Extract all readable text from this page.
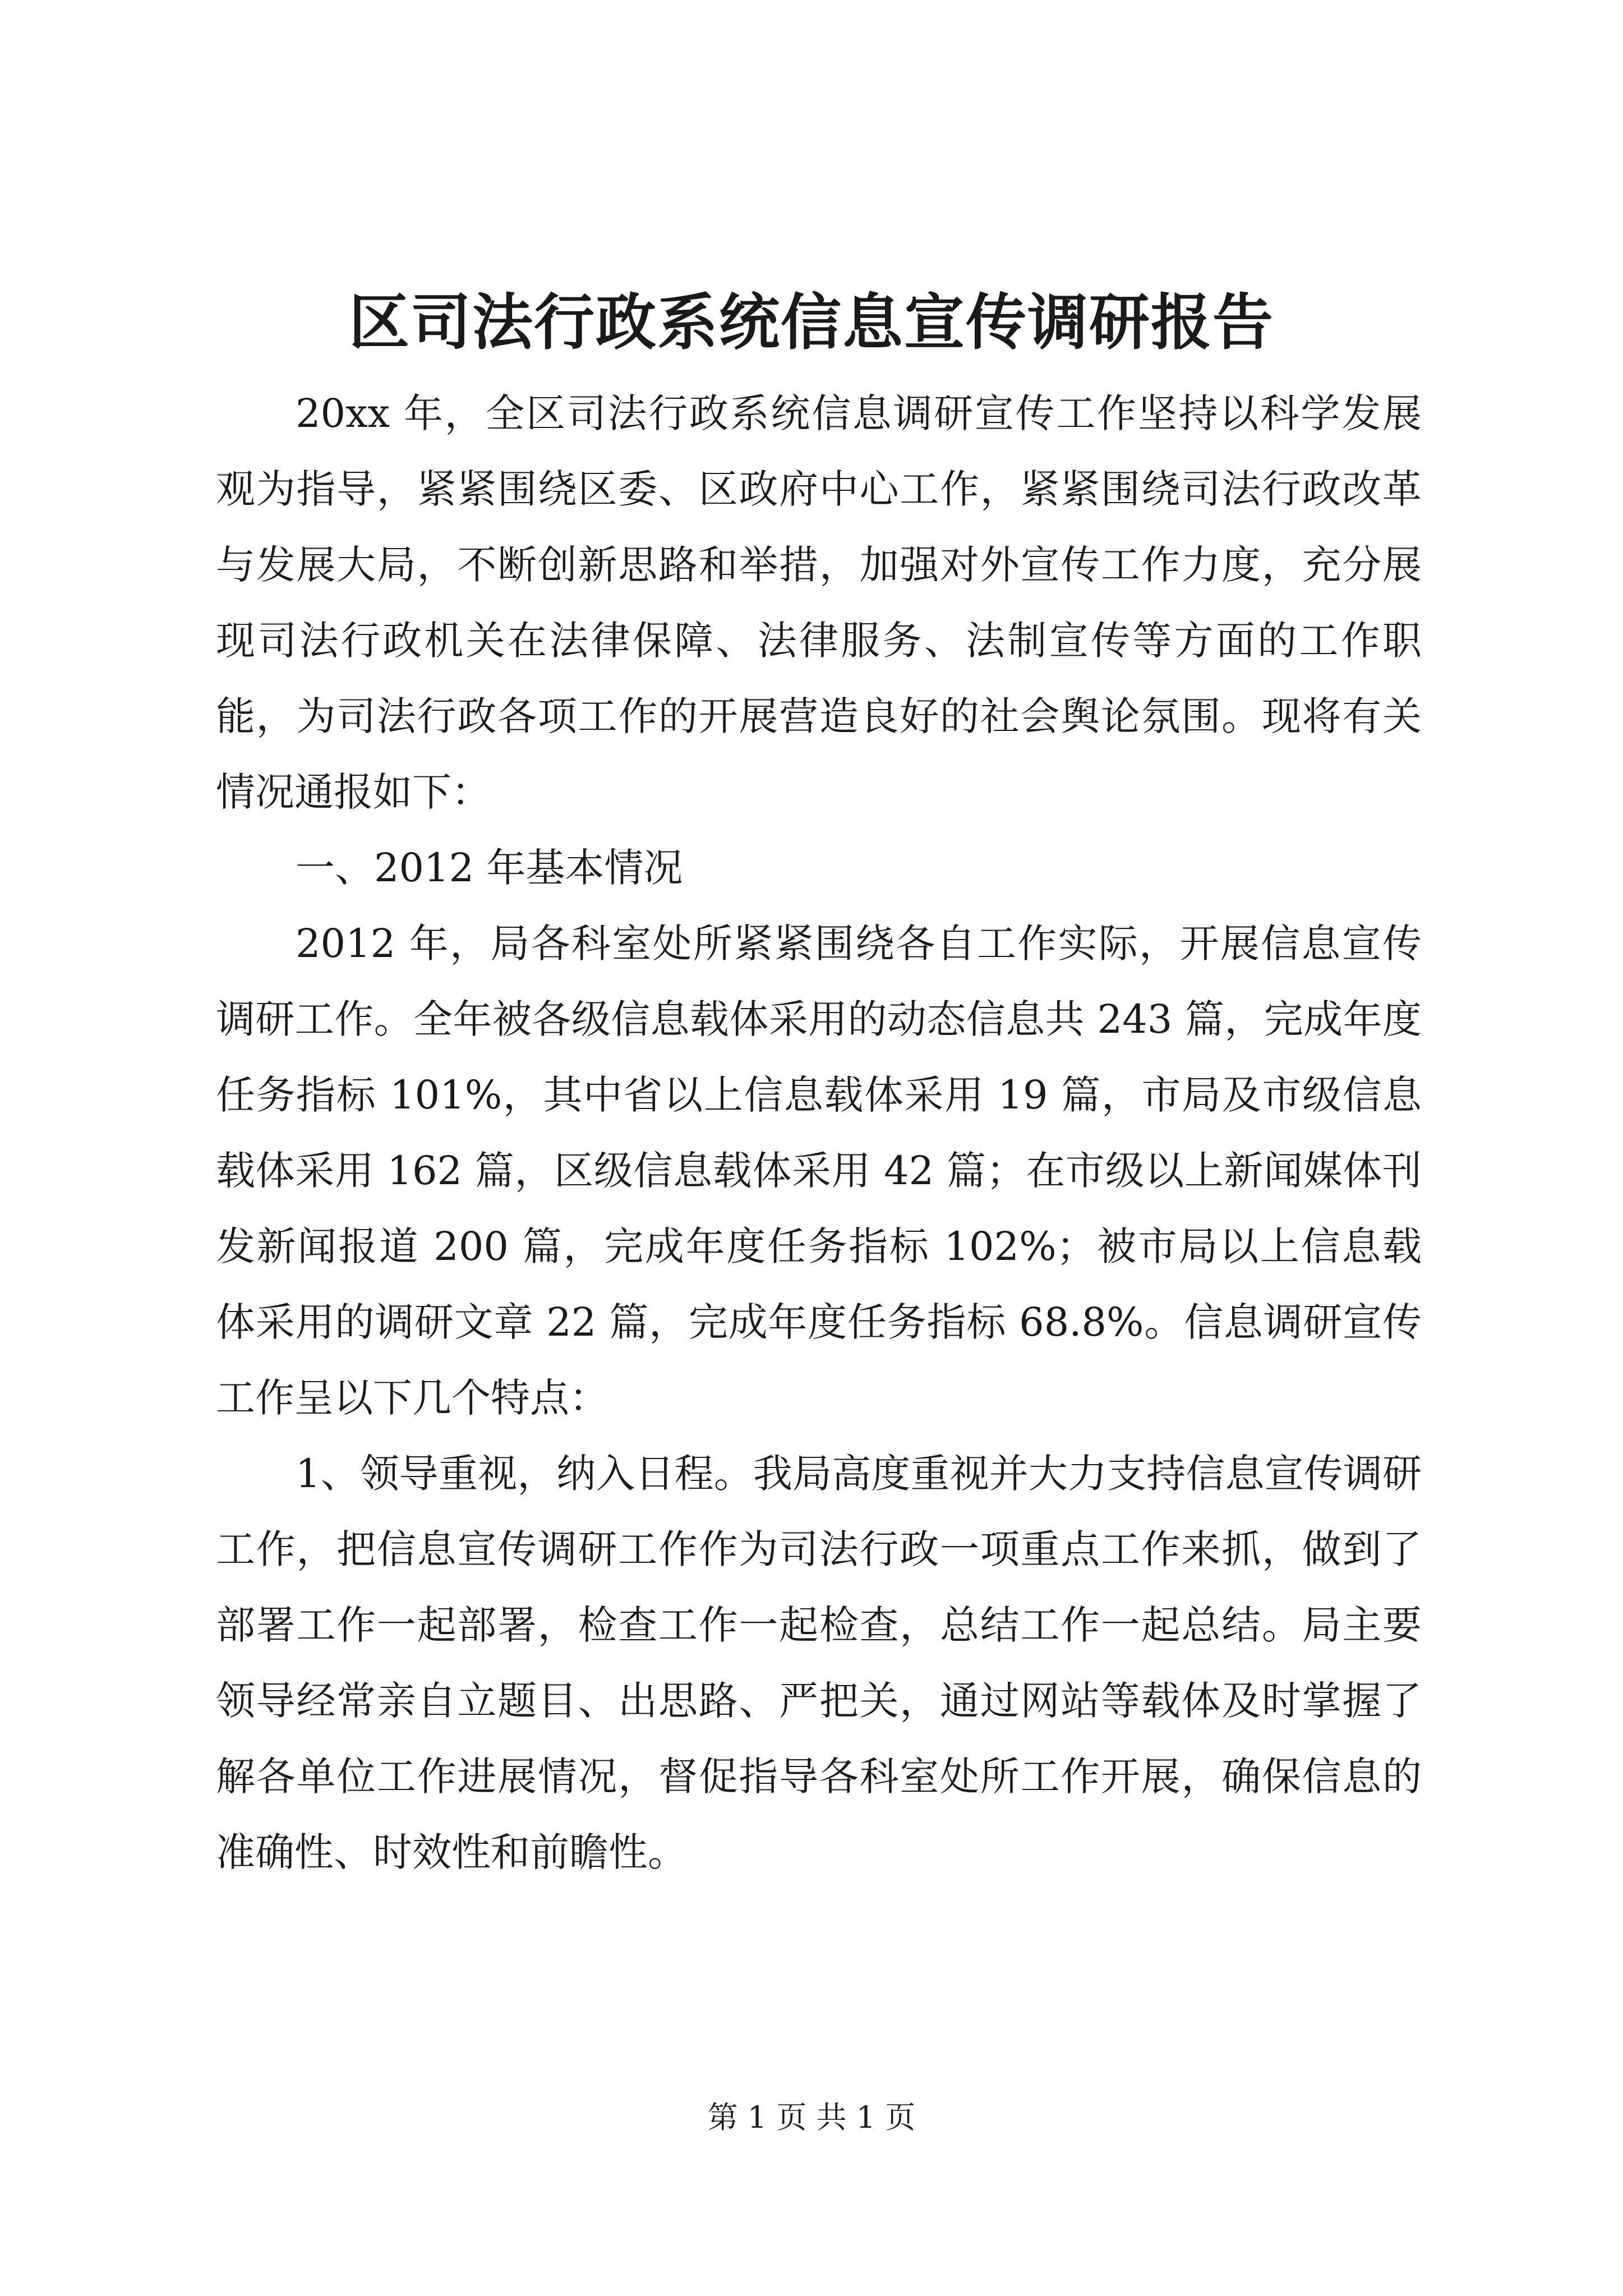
区司法行政系统信息宣传调研报告

20xx 年，全区司法行政系统信息调研宣传工作坚持以科学发展观为指导，紧紧围绕区委、区政府中心工作，紧紧围绕司法行政改革与发展大局，不断创新思路和举措，加强对外宣传工作力度，充分展现司法行政机关在法律保障、法律服务、法制宣传等方面的工作职能，为司法行政各项工作的开展营造良好的社会舆论氛围。现将有关情况通报如下：

一、2012 年基本情况

2012 年，局各科室处所紧紧围绕各自工作实际，开展信息宣传调研工作。全年被各级信息载体采用的动态信息共 243 篇，完成年度任务指标 101%，其中省以上信息载体采用 19 篇，市局及市级信息载体采用 162 篇，区级信息载体采用 42 篇；在市级以上新闻媒体刊发新闻报道 200 篇，完成年度任务指标 102%；被市局以上信息载体采用的调研文章 22 篇，完成年度任务指标 68.8%。信息调研宣传工作呈以下几个特点：

1、领导重视，纳入日程。我局高度重视并大力支持信息宣传调研工作，把信息宣传调研工作作为司法行政一项重点工作来抓，做到了部署工作一起部署，检查工作一起检查，总结工作一起总结。局主要领导经常亲自立题目、出思路、严把关，通过网站等载体及时掌握了解各单位工作进展情况，督促指导各科室处所工作开展，确保信息的准确性、时效性和前瞻性。

第 1 页 共 1 页
